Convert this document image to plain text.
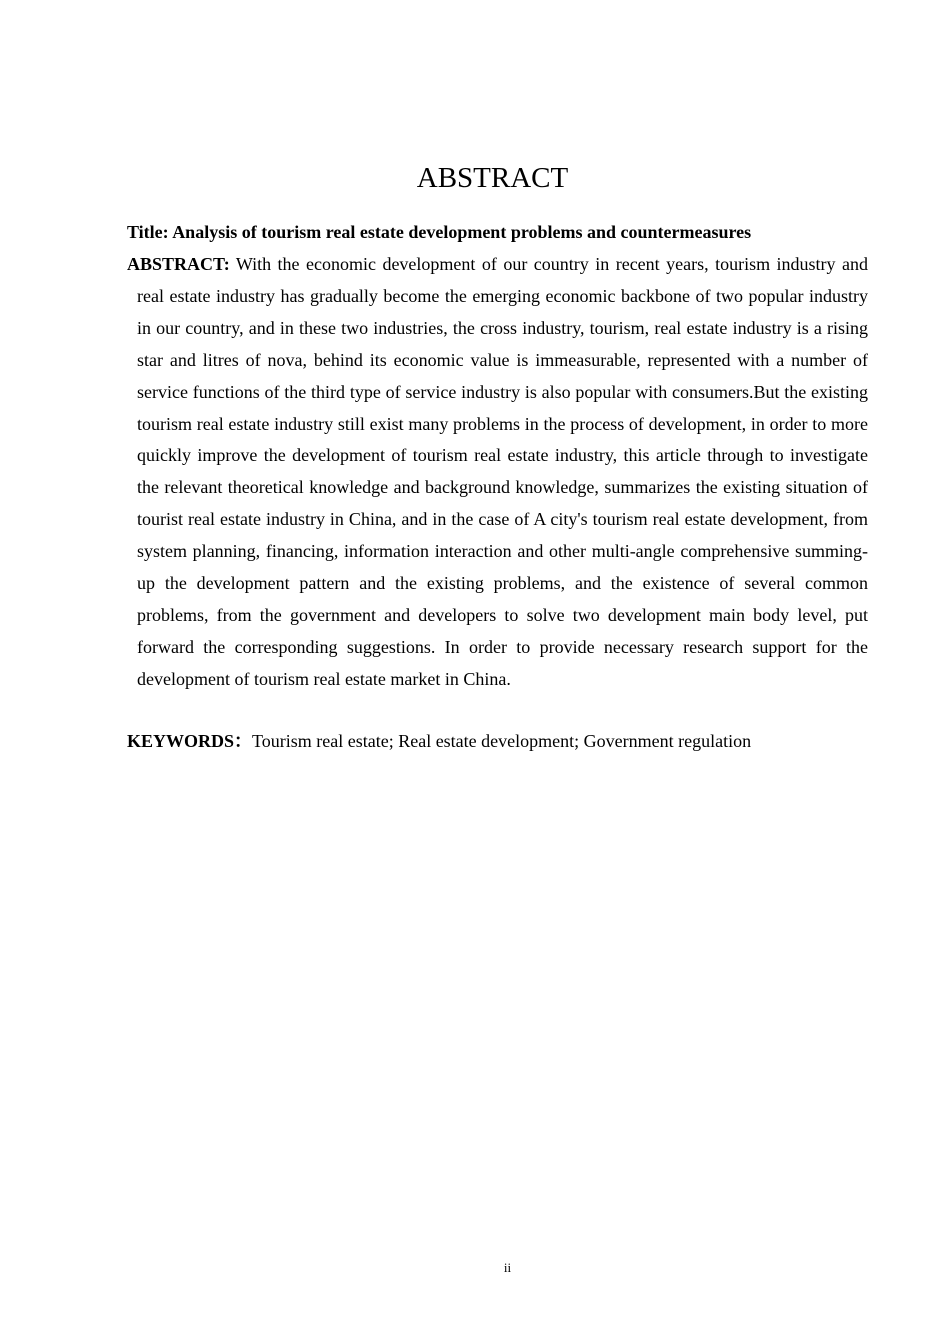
ABSTRACT
Title: Analysis of tourism real estate development problems and countermeasures

ABSTRACT: With the economic development of our country in recent years, tourism industry and real estate industry has gradually become the emerging economic backbone of two popular industry in our country, and in these two industries, the cross industry, tourism, real estate industry is a rising star and litres of nova, behind its economic value is immeasurable, represented with a number of service functions of the third type of service industry is also popular with consumers.But the existing tourism real estate industry still exist many problems in the process of development, in order to more quickly improve the development of tourism real estate industry, this article through to investigate the relevant theoretical knowledge and background knowledge, summarizes the existing situation of tourist real estate industry in China, and in the case of A city's tourism real estate development, from system planning, financing, information interaction and other multi-angle comprehensive summing-up the development pattern and the existing problems, and the existence of several common problems, from the government and developers to solve two development main body level, put forward the corresponding suggestions. In order to provide necessary research support for the development of tourism real estate market in China.

KEYWORDS：Tourism real estate; Real estate development; Government regulation
ii
